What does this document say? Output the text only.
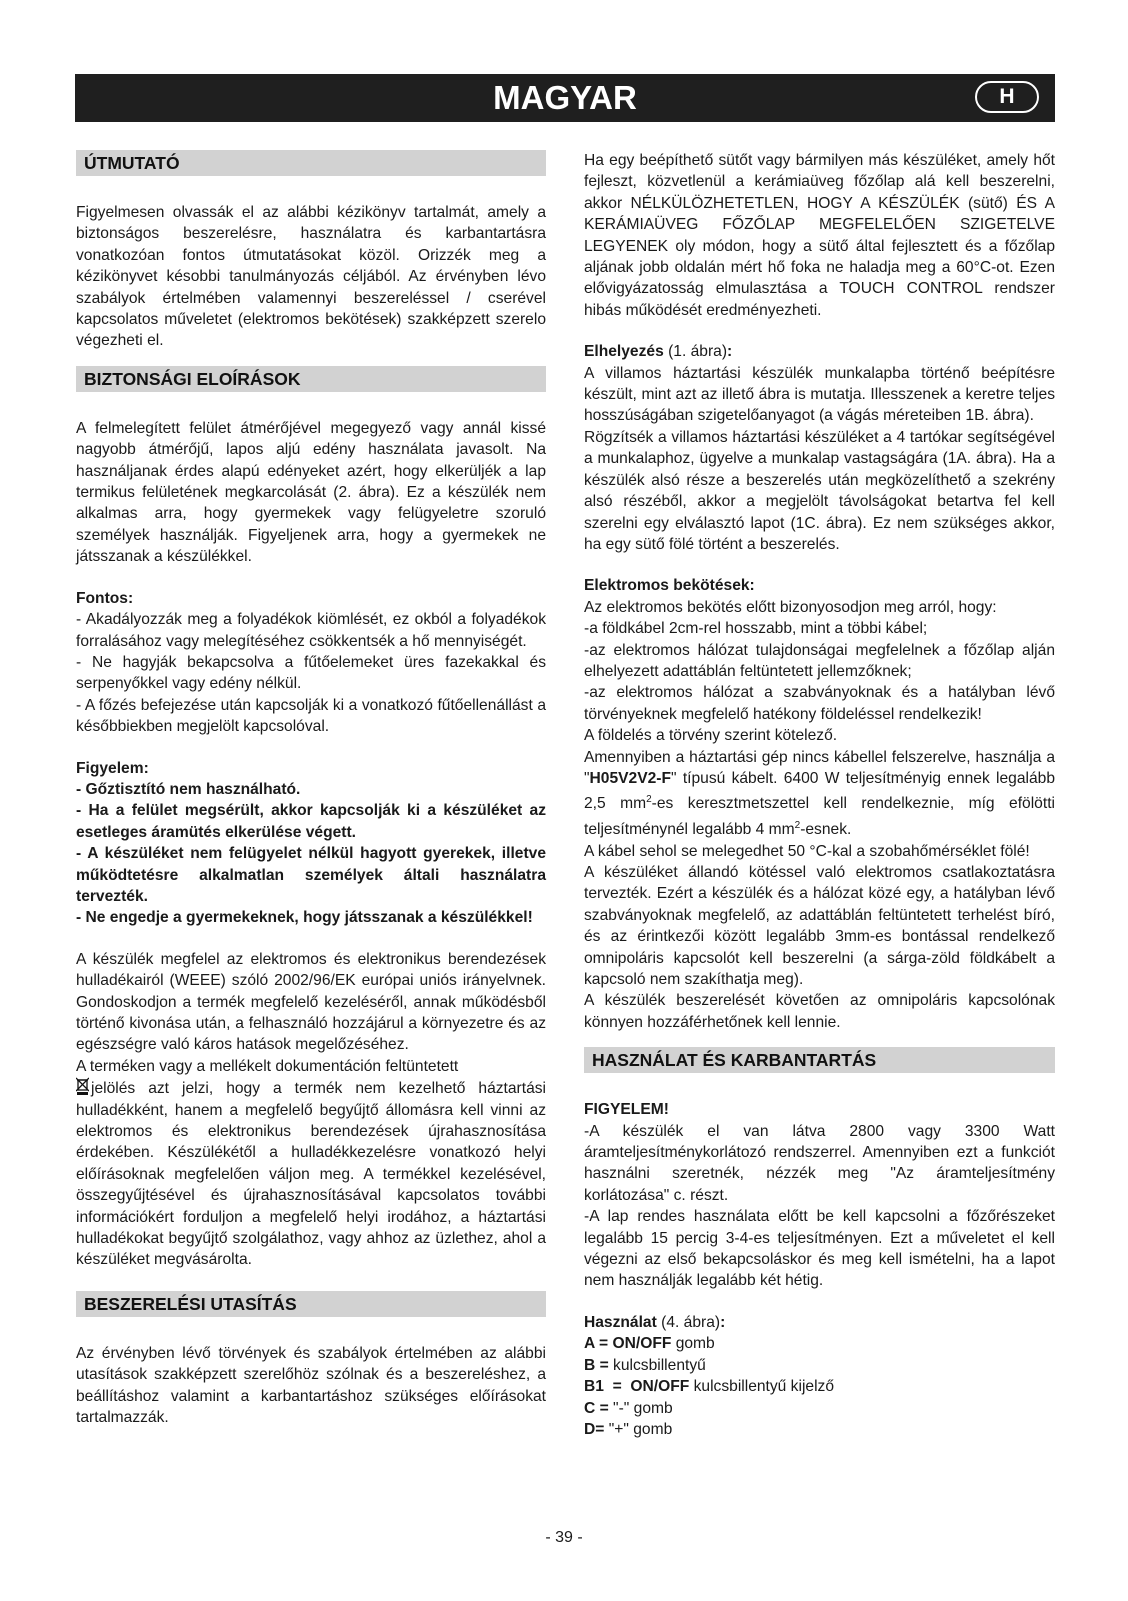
MAGYAR	H
ÚTMUTATÓ

Figyelmesen olvassák el az alábbi kézikönyv tartalmát, amely a biztonságos beszerelésre, használatra és karbantartásra vonatkozóan fontos útmutatásokat közöl. Orizzék meg a kézikönyvet késobbi tanulmányozás céljából. Az érvényben lévo szabályok értelmében valamennyi beszereléssel / cserével kapcsolatos műveletet (elektromos bekötések) szakképzett szerelo végezheti el.

BIZTONSÁGI ELOÍRÁSOK

A felmelegített felület átmérőjével megegyező vagy annál kissé nagyobb átmérőjű, lapos aljú edény használata javasolt. Na használjanak érdes alapú edényeket azért, hogy elkerüljék a lap termikus felületének megkarcolását (2. ábra). Ez a készülék nem alkalmas arra, hogy gyermekek vagy felügyeletre szoruló személyek használják. Figyeljenek arra, hogy a gyermekek ne játsszanak a készülékkel.

Fontos:

- Akadályozzák meg a folyadékok kiömlését, ez okból a folyadékok forralásához vagy melegítéséhez csökkentsék a hő mennyiségét.

- Ne hagyják bekapcsolva a fűtőelemeket üres fazekakkal és serpenyőkkel vagy edény nélkül.

- A főzés befejezése után kapcsolják ki a vonatkozó fűtőellenállást a későbbiekben megjelölt kapcsolóval.

Figyelem:

- Gőztisztító nem használható.

- Ha a felület megsérült, akkor kapcsolják ki a készüléket az esetleges áramütés elkerülése végett.

- A készüléket nem felügyelet nélkül hagyott gyerekek, illetve működtetésre alkalmatlan személyek általi használatra tervezték.

- Ne engedje a gyermekeknek, hogy játsszanak a készülékkel!

A készülék megfelel az elektromos és elektronikus berendezések hulladékairól (WEEE) szóló 2002/96/EK európai uniós irányelvnek. Gondoskodjon a termék megfelelő kezeléséről, annak működésből történő kivonása után, a felhasználó hozzájárul a környezetre és az egészségre való káros hatások megelőzéséhez.

A terméken vagy a mellékelt dokumentáción feltüntetett

jelölés azt jelzi, hogy a termék nem kezelhető háztartási hulladékként, hanem a megfelelő begyűjtő állomásra kell vinni az elektromos és elektronikus berendezések újrahasznosítása érdekében. Készülékétől a hulladékkezelésre vonatkozó helyi előírásoknak megfelelően váljon meg. A termékkel kezelésével, összegyűjtésével és újrahasznosításával kapcsolatos további információkért forduljon a megfelelő helyi irodához, a háztartási hulladékokat begyűjtő szolgálathoz, vagy ahhoz az üzlethez, ahol a készüléket megvásárolta.

BESZERELÉSI UTASÍTÁS

Az érvényben lévő törvények és szabályok értelmében az alábbi utasítások szakképzett szerelőhöz szólnak és a beszereléshez, a beállításhoz valamint a karbantartáshoz szükséges előírásokat tartalmazzák.

Ha egy beépíthető sütőt vagy bármilyen más készüléket, amely hőt fejleszt, közvetlenül a kerámiaüveg főzőlap alá kell beszerelni, akkor NÉLKÜLÖZHETETLEN, HOGY A KÉSZÜLÉK (sütő) ÉS A KERÁMIAÜVEG FŐZŐLAP MEGFELELŐEN SZIGETELVE LEGYENEK oly módon, hogy a sütő által fejlesztett és a főzőlap aljának jobb oldalán mért hő foka ne haladja meg a 60°C-ot. Ezen elővigyázatosság elmulasztása a TOUCH CONTROL rendszer hibás működését eredményezheti.

Elhelyezés (1. ábra):

A villamos háztartási készülék munkalapba történő beépítésre készült, mint azt az illető ábra is mutatja. Illesszenek a keretre teljes hosszúságában szigetelőanyagot (a vágás méreteiben 1B. ábra).

Rögzítsék a villamos háztartási készüléket a 4 tartókar segítségével a munkalaphoz, ügyelve a munkalap vastagságára (1A. ábra). Ha a készülék alsó része a beszerelés után megközelíthető a szekrény alsó részéből, akkor a megjelölt távolságokat betartva fel kell szerelni egy elválasztó lapot (1C. ábra). Ez nem szükséges akkor, ha egy sütő fölé történt a beszerelés.

Elektromos bekötések:

Az elektromos bekötés előtt bizonyosodjon meg arról, hogy:

-a földkábel 2cm-rel hosszabb, mint a többi kábel;

-az elektromos hálózat tulajdonságai megfelelnek a főzőlap alján elhelyezett adattáblán feltüntetett jellemzőknek;

-az elektromos hálózat a szabványoknak és a hatályban lévő törvényeknek megfelelő hatékony földeléssel rendelkezik!

A földelés a törvény szerint kötelező.

Amennyiben a háztartási gép nincs kábellel felszerelve, használja a "H05V2V2-F" típusú kábelt. 6400 W teljesítményig ennek legalább 2,5 $mm^2-es$ keresztmetszettel kell rendelkeznie, míg efölötti teljesítménynél legalább 4 $mm^2$-esnek.

A kábel sehol se melegedhet 50 °C-kal a szobahőmérséklet fölé!

A készüléket állandó kötéssel való elektromos csatlakoztatásra tervezték. Ezért a készülék és a hálózat közé egy, a hatályban lévő szabványoknak megfelelő, az adattáblán feltüntetett terhelést bíró, és az érintkezői között legalább 3mm-es bontással rendelkező omnipoláris kapcsolót kell beszerelni (a sárga-zöld földkábelt a kapcsoló nem szakíthatja meg).

A készülék beszerelését követően az omnipoláris kapcsolónak könnyen hozzáférhetőnek kell lennie.

HASZNÁLAT ÉS KARBANTARTÁS

FIGYELEM!

-A készülék el van látva 2800 vagy 3300 Watt áramteljesítménykorlátozó rendszerrel. Amennyiben ezt a funkciót használni szeretnék, nézzék meg "Az áramteljesítmény korlátozása" c. részt.

-A lap rendes használata előtt be kell kapcsolni a főzőrészeket legalább 15 percig 3-4-es teljesítményen. Ezt a műveletet el kell végezni az első bekapcsoláskor és meg kell ismételni, ha a lapot nem használják legalább két hétig.

Használat (4. ábra):

A = ON/OFF gomb
B = kulcsbillentyű
B1  =  ON/OFF kulcsbillentyű kijelző
C = "-" gomb
D= "+" gomb
- 39 -
